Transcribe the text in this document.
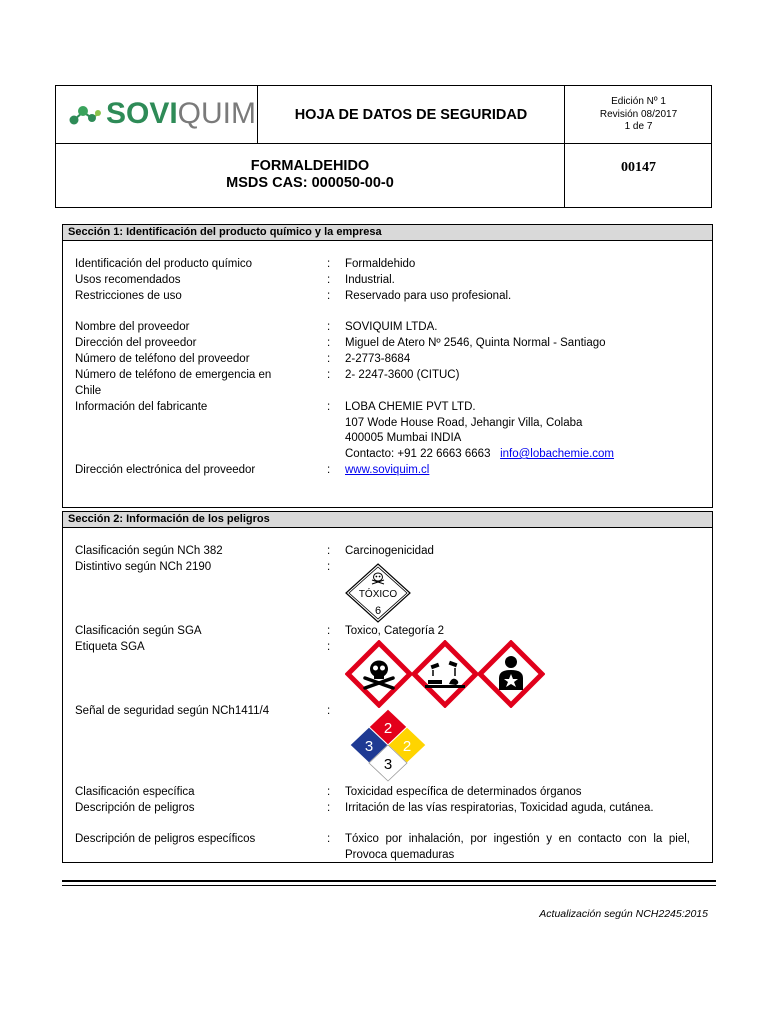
SOVIQUIM	HOJA DE DATOS DE SEGURIDAD
Edición Nº 1
Revisión 08/2017
1 de 7
FORMALDEHIDO
MSDS CAS: 000050-00-0
00147
Sección 1: Identificación del producto químico y la empresa
Identificación del producto químico	:	Formaldehido
Usos recomendados	:	Industrial.
Restricciones de uso	:	Reservado para uso profesional.
Nombre del proveedor	:	SOVIQUIM LTDA.
Dirección del proveedor	:	Miguel de Atero Nº 2546, Quinta Normal - Santiago
Número de teléfono del proveedor	:	2-2773-8684
Número de teléfono de emergencia en
Chile
:	2- 2247-3600 (CITUC)
Información del fabricante	:	LOBA CHEMIE PVT LTD.
107 Wode House Road, Jehangir Villa, Colaba
400005 Mumbai INDIA
Contacto: +91 22 6663 6663 info@lobachemie.com
Dirección electrónica del proveedor	:	www.soviquim.cl
Sección 2: Información de los peligros
Clasificación según NCh 382	:	Carcinogenicidad
Distintivo según NCh 2190	:
TÓXICO
6
Clasificación según SGA	:	Toxico, Categoría 2
Etiqueta SGA	:
Señal de seguridad según NCh1411/4	:
2
3 2
3
Clasificación específica	:	Toxicidad específica de determinados órganos
Descripción de peligros	:	Irritación de las vías respiratorias, Toxicidad aguda, cutánea.
Descripción de peligros específicos	:	Tóxico por inhalación, por ingestión y en contacto con la piel, Provoca quemaduras
Actualización según NCH2245:2015
